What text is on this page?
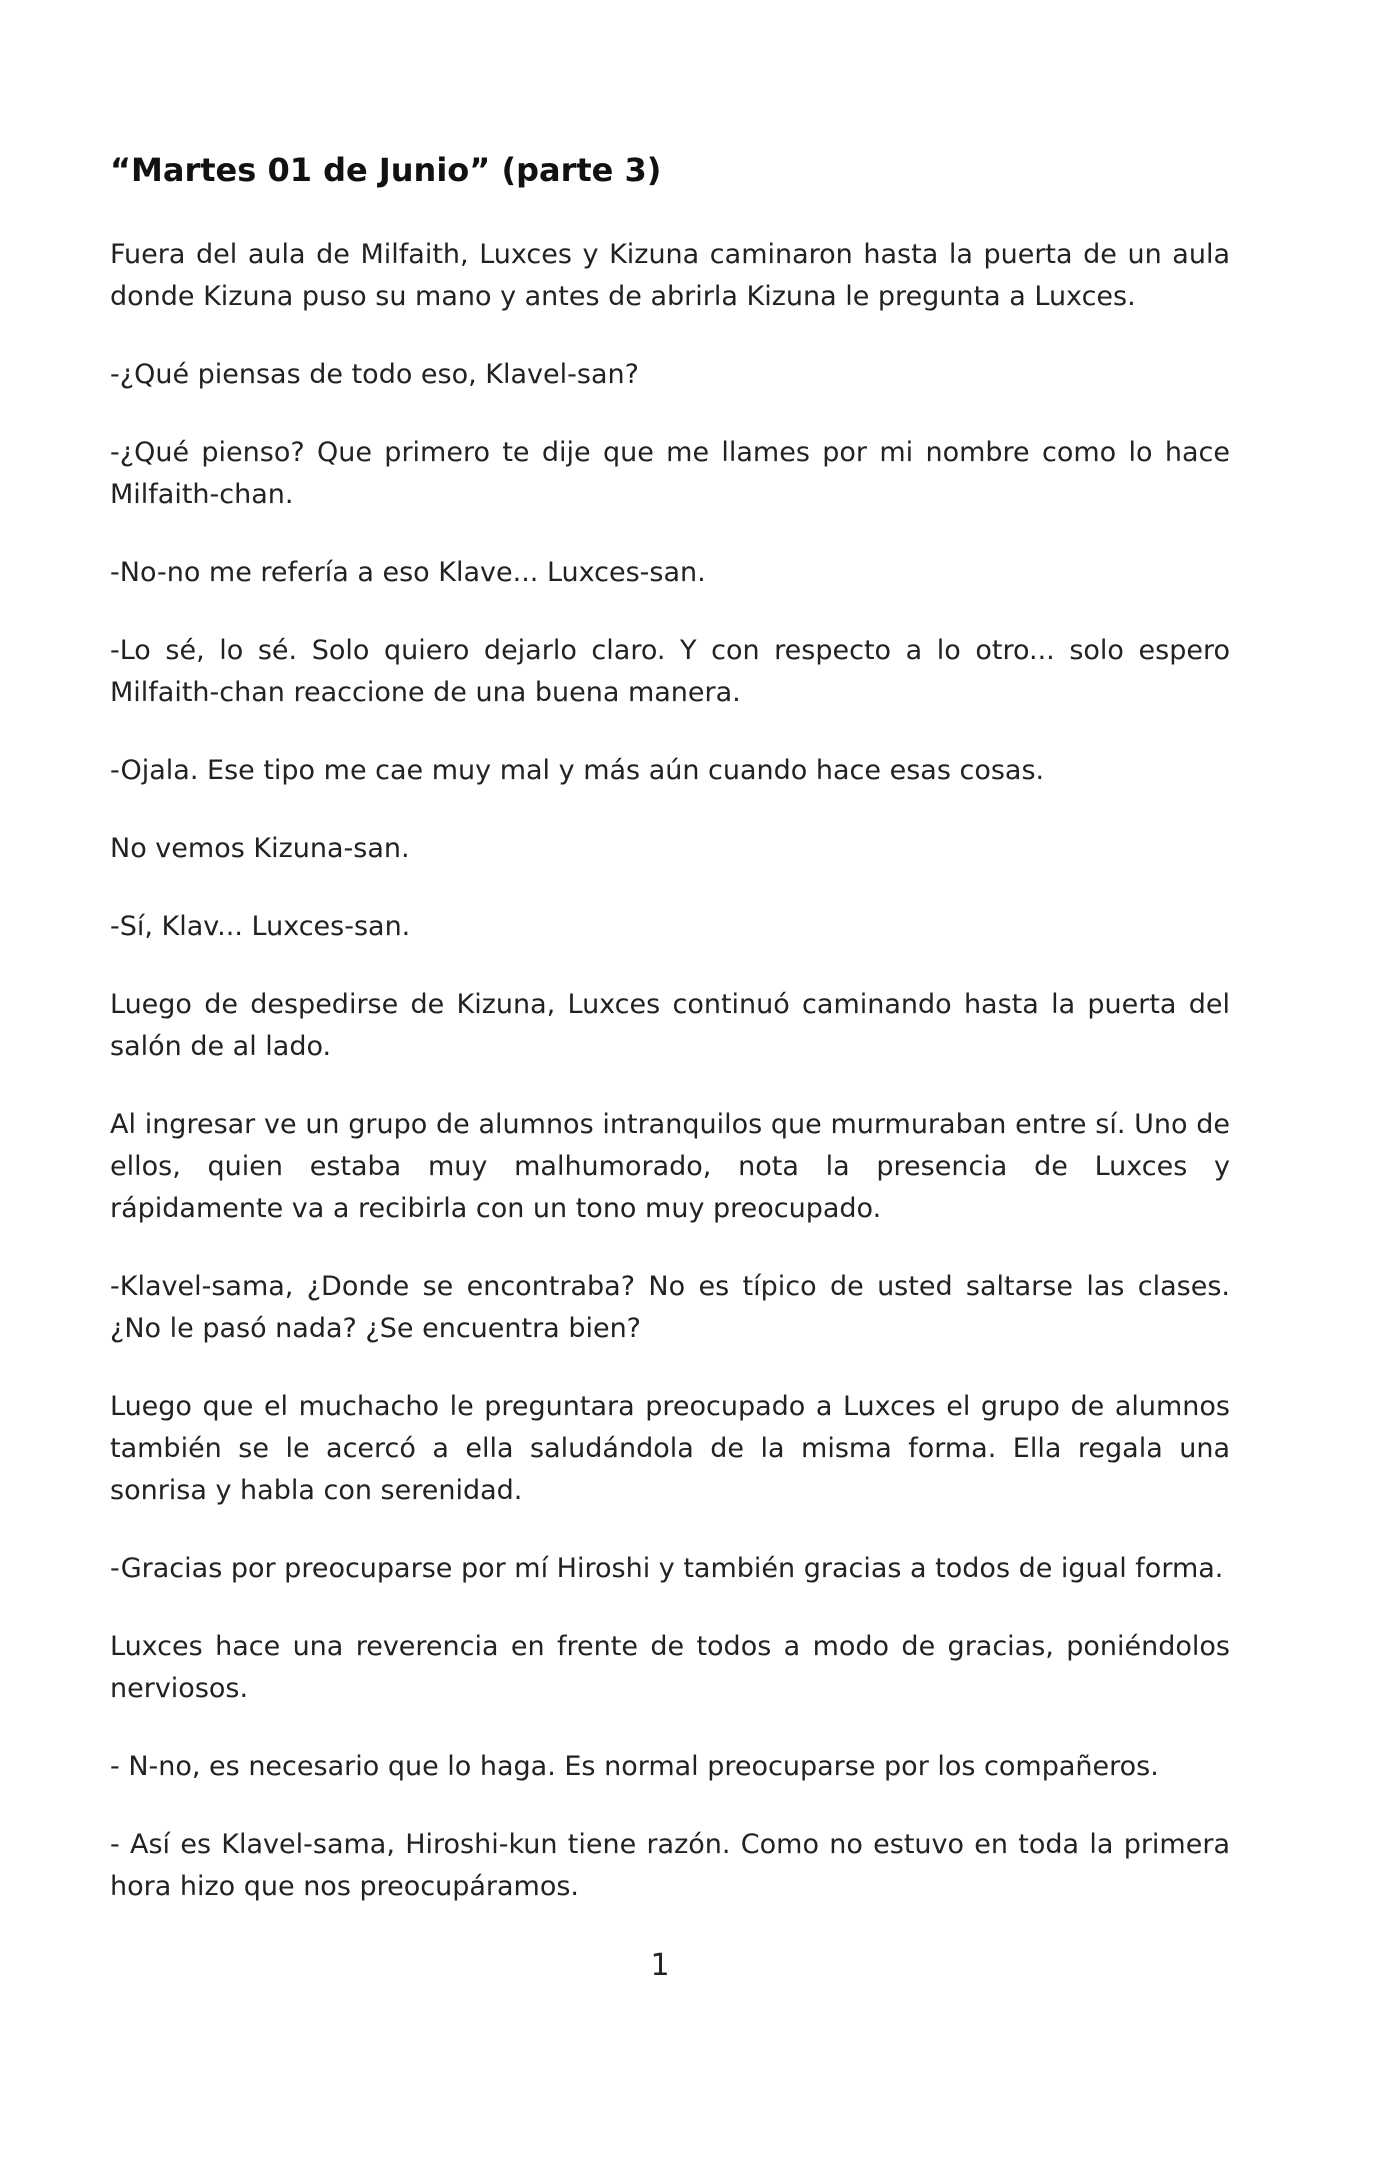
“Martes 01 de Junio” (parte 3)

Fuera del aula de Milfaith, Luxces y Kizuna caminaron hasta la puerta de un aula donde Kizuna puso su mano y antes de abrirla Kizuna le pregunta a Luxces.

-¿Qué piensas de todo eso, Klavel-san?

-¿Qué pienso? Que primero te dije que me llames por mi nombre como lo hace Milfaith-chan.

-No-no me refería a eso Klave... Luxces-san.

-Lo sé, lo sé. Solo quiero dejarlo claro. Y con respecto a lo otro... solo espero Milfaith-chan reaccione de una buena manera.

-Ojala. Ese tipo me cae muy mal y más aún cuando hace esas cosas.

No vemos Kizuna-san.

-Sí, Klav... Luxces-san.

Luego de despedirse de Kizuna, Luxces continuó caminando hasta la puerta del salón de al lado.

Al ingresar ve un grupo de alumnos intranquilos que murmuraban entre sí. Uno de ellos, quien estaba muy malhumorado, nota la presencia de Luxces y rápidamente va a recibirla con un tono muy preocupado.

-Klavel-sama, ¿Donde se encontraba? No es típico de usted saltarse las clases. ¿No le pasó nada? ¿Se encuentra bien?

Luego que el muchacho le preguntara preocupado a Luxces el grupo de alumnos también se le acercó a ella saludándola de la misma forma. Ella regala una sonrisa y habla con serenidad.

-Gracias por preocuparse por mí Hiroshi y también gracias a todos de igual forma.

Luxces hace una reverencia en frente de todos a modo de gracias, poniéndolos nerviosos.

- N-no, es necesario que lo haga. Es normal preocuparse por los compañeros.

- Así es Klavel-sama, Hiroshi-kun tiene razón. Como no estuvo en toda la primera hora hizo que nos preocupáramos.

1
